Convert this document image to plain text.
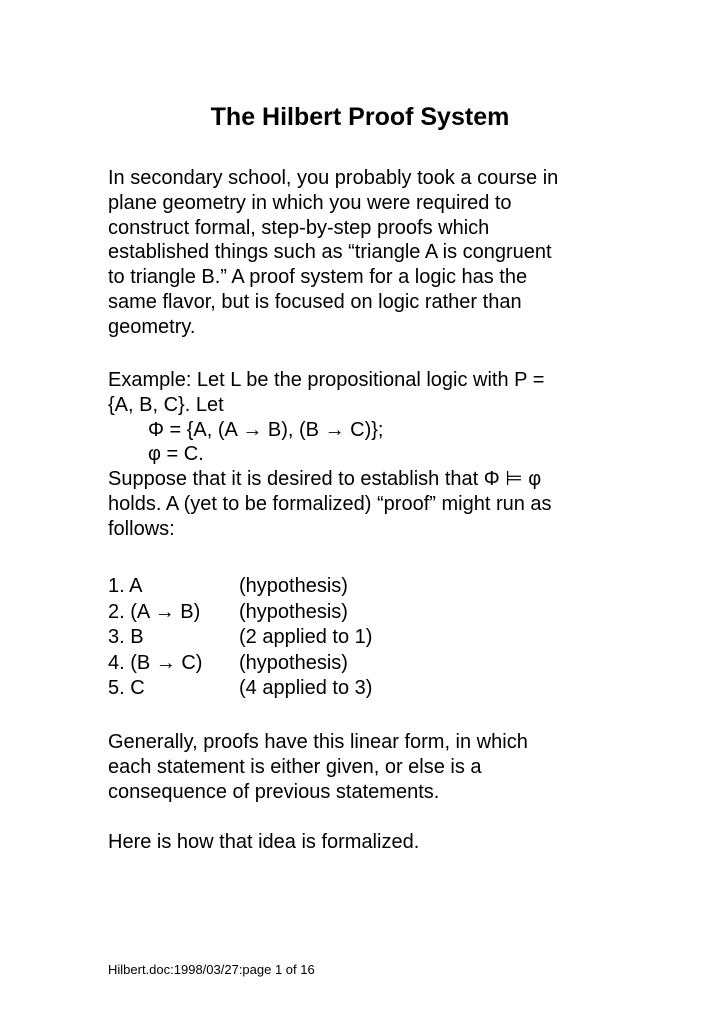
The Hilbert Proof System
In secondary school, you probably took a course in
plane geometry in which you were required to
construct formal, step-by-step proofs which
established things such as “triangle A is congruent
to triangle B.” A proof system for a logic has the
same flavor, but is focused on logic rather than
geometry.
Example: Let L be the propositional logic with P =
{A, B, C}. Let
Φ = {A, (A → B), (B → C)};
φ = C.
Suppose that it is desired to establish that Φ ⊨ φ
holds. A (yet to be formalized) “proof” might run as
follows:
1. A	(hypothesis)
2. (A → B) (hypothesis)
3. B	(2 applied to 1)
4. (B → C) (hypothesis)
5. C	(4 applied to 3)
Generally, proofs have this linear form, in which
each statement is either given, or else is a
consequence of previous statements.
Here is how that idea is formalized.
Hilbert.doc:1998/03/27:page 1 of 16
